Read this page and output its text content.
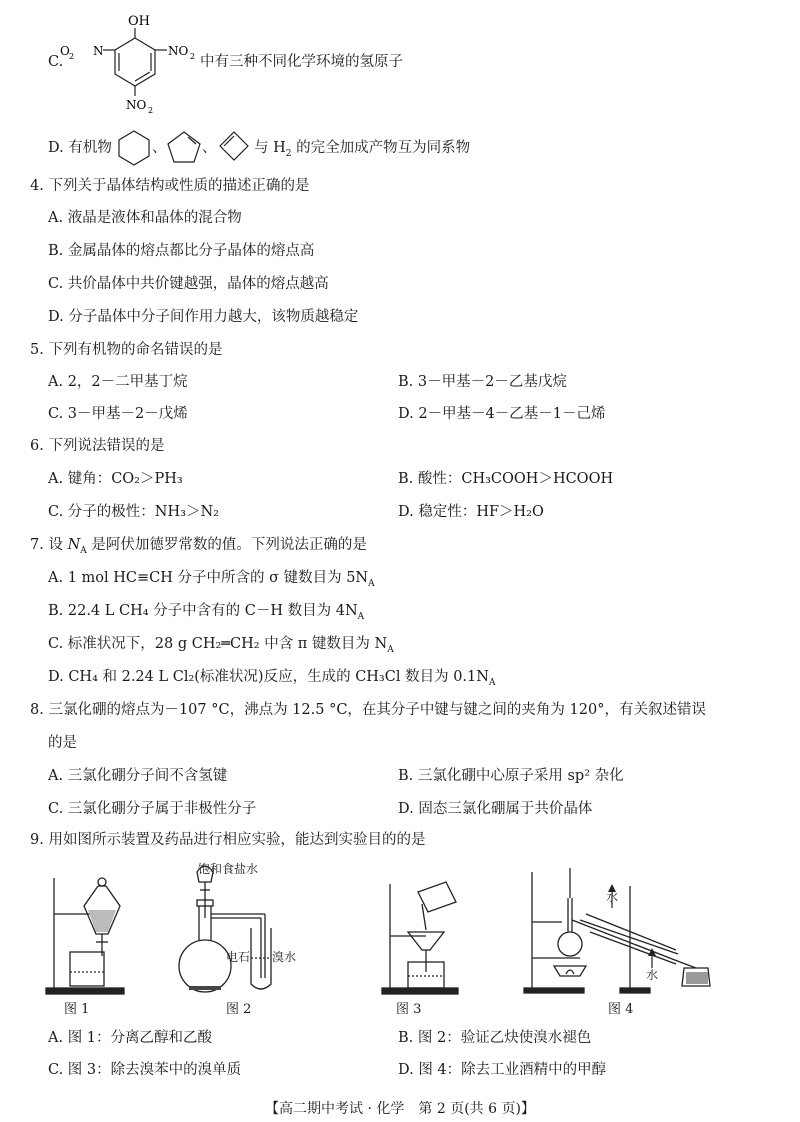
C.
OH
O 2 N	NO 2
NO 2
中有三种不同化学环境的氢原子
D. 有机物	、 、	与 $H_2$ 的完全加成产物互为同系物
4. 下列关于晶体结构或性质的描述正确的是
A. 液晶是液体和晶体的混合物
B. 金属晶体的熔点都比分子晶体的熔点高
C. 共价晶体中共价键越强，晶体的熔点越高
D. 分子晶体中分子间作用力越大，该物质越稳定
5. 下列有机物的命名错误的是
A. 2，2－二甲基丁烷	B. 3－甲基－2－乙基戊烷
C. 3－甲基－2－戊烯	D. 2－甲基－4－乙基－1－己烯
6. 下列说法错误的是
A. 键角：CO₂＞PH₃	B. 酸性：CH₃COOH＞HCOOH
C. 分子的极性：NH₃＞N₂	D. 稳定性：HF＞H₂O
7. 设 $N_A$ 是阿伏加德罗常数的值。下列说法正确的是
A. 1 mol HC≡CH 分子中所含的 σ 键数目为 $5N_A$
B. 22.4 L CH₄ 分子中含有的 C－H 数目为 $4N_A$
C. 标准状况下，28 g CH₂═CH₂ 中含 π 键数目为 $N_A$
D. CH₄ 和 2.24 L Cl₂(标准状况)反应，生成的 CH₃Cl 数目为 $0.1N_A$
8. 三氯化硼的熔点为－107 °C，沸点为 12.5 °C，在其分子中键与键之间的夹角为 120°，有关叙述错误
的是
A. 三氯化硼分子间不含氢键	B. 三氯化硼中心原子采用 sp² 杂化
C. 三氯化硼分子属于非极性分子	D. 固态三氯化硼属于共价晶体
9. 用如图所示装置及药品进行相应实验，能达到实验目的的是
图 1
饱和食盐水
电石 溴水
图 2	图 3
水
水
图 4
A. 图 1：分离乙醇和乙酸	B. 图 2：验证乙炔使溴水褪色
C. 图 3：除去溴苯中的溴单质	D. 图 4：除去工业酒精中的甲醇
【高二期中考试 · 化学　第 2 页(共 6 页)】
